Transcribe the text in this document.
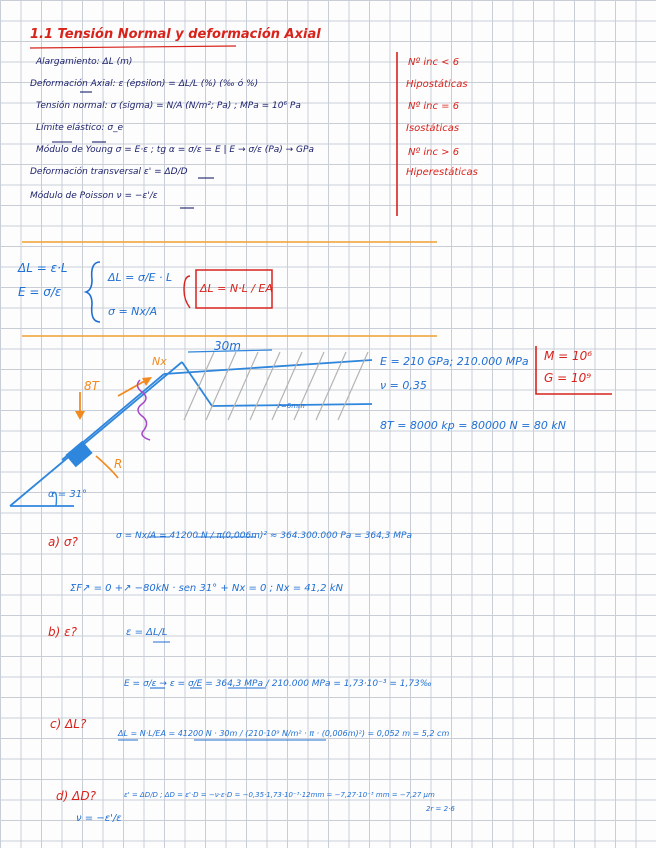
1.1 Tensión Normal y deformación Axial
Alargamiento: ΔL (m)
Deformación Axial: ε (épsilon) = ΔL/L (%) (‰ ó %)
Tensión normal: σ (sigma) = N/A (N/m²; Pa) ; MPa = 10⁶ Pa
Límite elástico: σ_e
Módulo de Young σ = E·ε ; tg α = σ/ε = E | E → σ/ε (Pa) → GPa
Deformación transversal ε' = ΔD/D
Módulo de Poisson ν = −ε'/ε
Nº inc < 6
Hipostáticas
Nº inc = 6
Isostáticas
Nº inc > 6
Hiperestáticas
ΔL = ε·L
E = σ/ε
ΔL = σ/E · L
σ = Nx/A
ΔL = N·L / EA
30m
Nx
8T
R
r=6mm
α = 31°
E = 210 GPa; 210.000 MPa
ν = 0,35
8T = 8000 kp = 80000 N = 80 kN
M = 10⁶
G = 10⁹
a) σ?	σ = Nx/A = 41200 N / π(0,006m)² ≈ 364.300.000 Pa = 364,3 MPa
ΣF↗ = 0 +↗ −80kN · sen 31° + Nx = 0 ; Nx = 41,2 kN
b) ε?	ε = ΔL/L
E = σ/ε → ε = σ/E = 364,3 MPa / 210.000 MPa = 1,73·10⁻³ = 1,73‰
c) ΔL?
ΔL = N·L/EA = 41200 N · 30m / (210·10⁹ N/m² · π · (0,006m)²) = 0,052 m = 5,2 cm
d) ΔD?	ε' = ΔD/D ; ΔD = ε'·D = −ν·ε·D = −0,35·1,73·10⁻³·12mm = −7,27·10⁻³ mm = −7,27 μm
ν = −ε'/ε
2r = 2·6
